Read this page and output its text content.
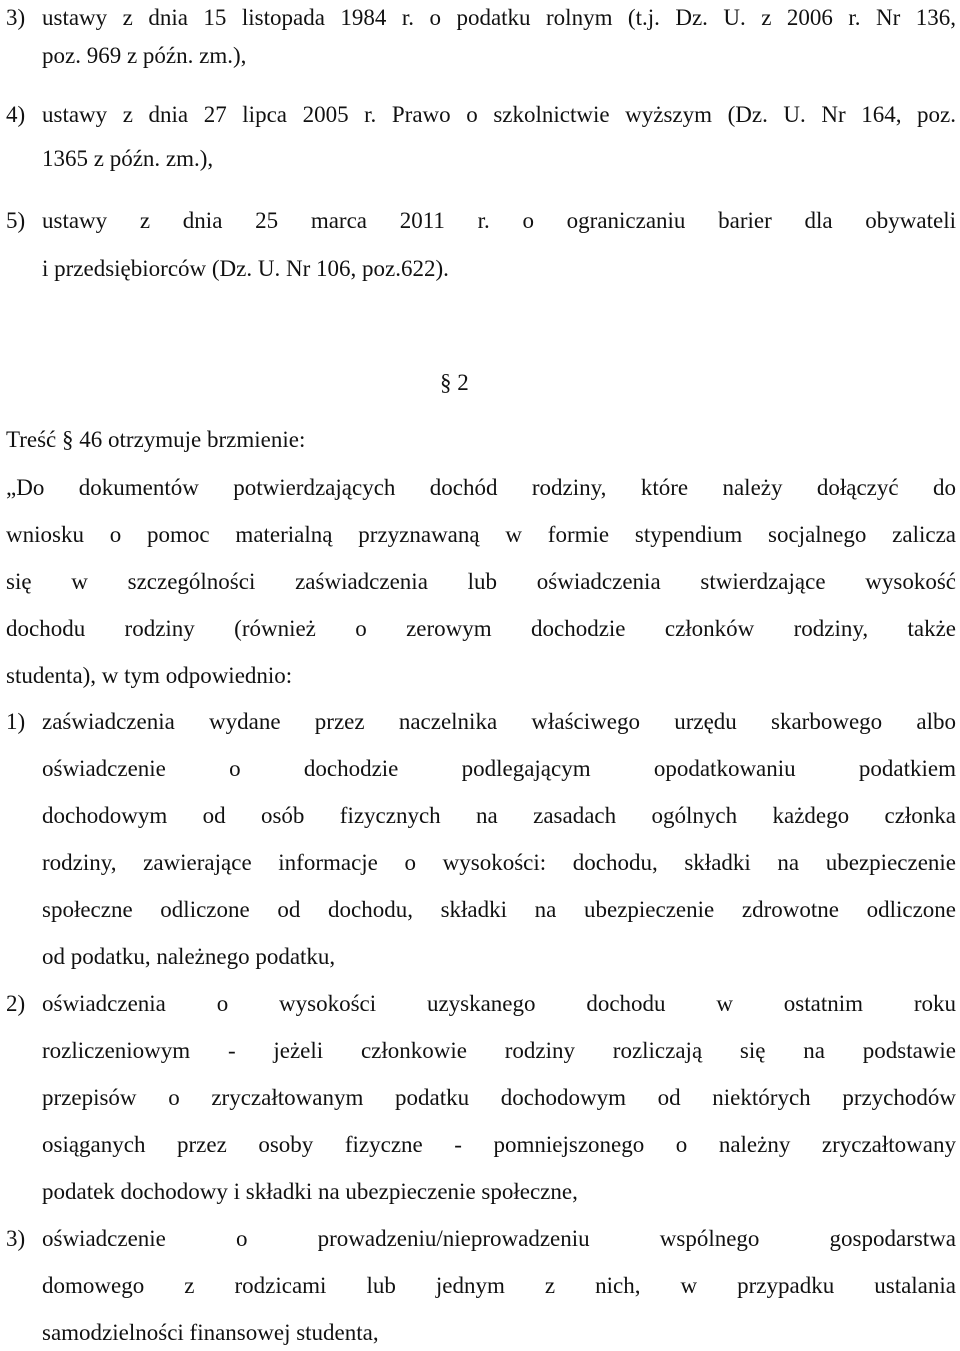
3) ustawy z dnia 15 listopada 1984 r. o podatku rolnym (t.j. Dz. U. z 2006 r. Nr 136,
poz. 969 z późn. zm.),
4) ustawy z dnia 27 lipca 2005 r. Prawo o szkolnictwie wyższym (Dz. U. Nr 164, poz.
1365 z późn. zm.),
5) ustawy z dnia 25 marca 2011 r. o ograniczaniu barier dla obywateli
i przedsiębiorców (Dz. U. Nr 106, poz.622).
§ 2
Treść § 46 otrzymuje brzmienie:
„Do dokumentów potwierdzających dochód rodziny, które należy dołączyć do
wniosku o pomoc materialną przyznawaną w formie stypendium socjalnego zalicza
się w szczególności zaświadczenia lub oświadczenia stwierdzające wysokość
dochodu rodziny (również o zerowym dochodzie członków rodziny, także
studenta), w tym odpowiednio:
1) zaświadczenia wydane przez naczelnika właściwego urzędu skarbowego albo
oświadczenie o dochodzie podlegającym opodatkowaniu podatkiem
dochodowym od osób fizycznych na zasadach ogólnych każdego członka
rodziny, zawierające informacje o wysokości: dochodu, składki na ubezpieczenie
społeczne odliczone od dochodu, składki na ubezpieczenie zdrowotne odliczone
od podatku, należnego podatku,
2) oświadczenia o wysokości uzyskanego dochodu w ostatnim roku
rozliczeniowym - jeżeli członkowie rodziny rozliczają się na podstawie
przepisów o zryczałtowanym podatku dochodowym od niektórych przychodów
osiąganych przez osoby fizyczne - pomniejszonego o należny zryczałtowany
podatek dochodowy i składki na ubezpieczenie społeczne,
3) oświadczenie o prowadzeniu/nieprowadzeniu wspólnego gospodarstwa
domowego z rodzicami lub jednym z nich, w przypadku ustalania
samodzielności finansowej studenta,
